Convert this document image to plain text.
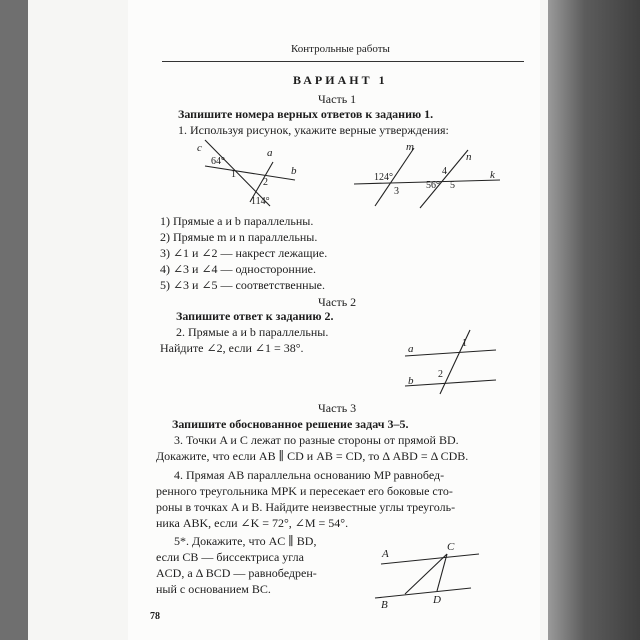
Контрольные работы
ВАРИАНТ 1
Часть 1
Запишите номера верных ответов к заданию 1.
1. Используя рисунок, укажите верные утверждения:
c	a
b
64°
1
2
114°
m
n
k
124°
3
4
56° 5
1) Прямые a и b параллельны.
2) Прямые m и n параллельны.
3) ∠1 и ∠2 — накрест лежащие.
4) ∠3 и ∠4 — односторонние.
5) ∠3 и ∠5 — соответственные.
Часть 2
Запишите ответ к заданию 2.
2. Прямые a и b параллельны.
Найдите ∠2, если ∠1 = 38°.	a
b
1
2
Часть 3
Запишите обоснованное решение задач 3–5.
3. Точки A и C лежат по разные стороны от прямой BD.
Докажите, что если AB ∥ CD и AB = CD, то Δ ABD = Δ CDB.
4. Прямая AB параллельна основанию MP равнобед-
ренного треугольника MPK и пересекает его боковые сто-
роны в точках A и B. Найдите неизвестные углы треуголь-
ника ABK, если ∠K = 72°, ∠M = 54°.
5*. Докажите, что AC ∥ BD,
если CB — биссектриса угла
ACD, а Δ BCD — равнобедрен-
ный с основанием BC.
A
C
B	D
78
